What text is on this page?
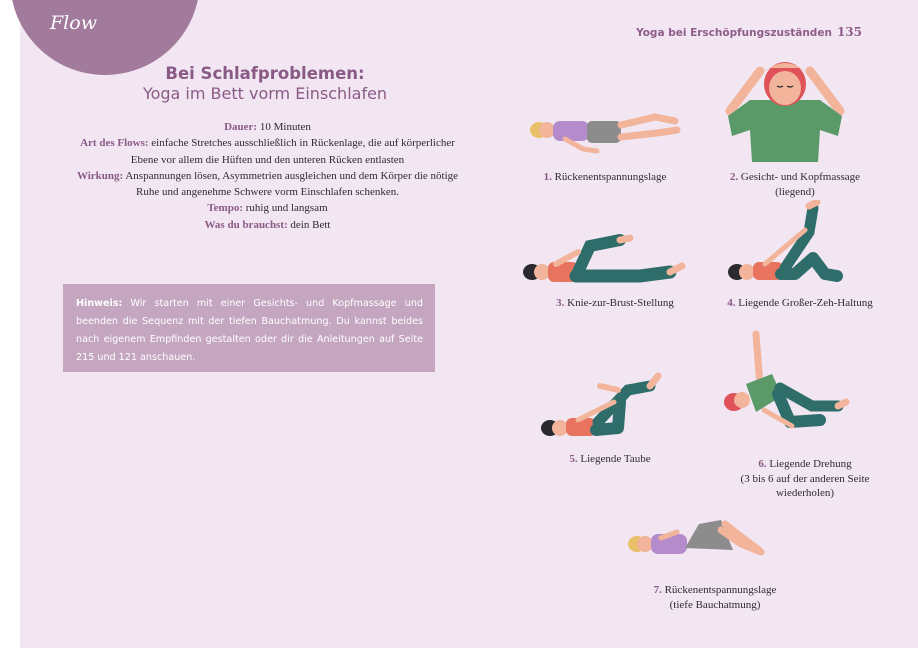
Flow	Yoga bei Erschöpfungszuständen 135
Bei Schlafproblemen:
Yoga im Bett vorm Einschlafen
Dauer: 10 Minuten
Art des Flows: einfache Stretches ausschließlich in Rückenlage, die auf körperlicher Ebene vor allem die Hüften und den unteren Rücken entlasten
Wirkung: Anspannungen lösen, Asymmetrien ausgleichen und dem Körper die nötige Ruhe und angenehme Schwere vorm Einschlafen schenken.
Tempo: ruhig und langsam
Was du brauchst: dein Bett
Hinweis: Wir starten mit einer Gesichts- und Kopfmassage und beenden die Sequenz mit der tiefen Bauchatmung. Du kannst beides nach eigenem Empfinden gestalten oder dir die Anleitungen auf Seite 215 und 121 anschauen.
1. Rückenentspannungslage	2. Gesicht- und Kopfmassage (liegend)
3. Knie-zur-Brust-Stellung	4. Liegende Großer-Zeh-Haltung
5. Liegende Taube	6. Liegende Drehung
(3 bis 6 auf der anderen Seite wiederholen)
7. Rückenentspannungslage
(tiefe Bauchatmung)
